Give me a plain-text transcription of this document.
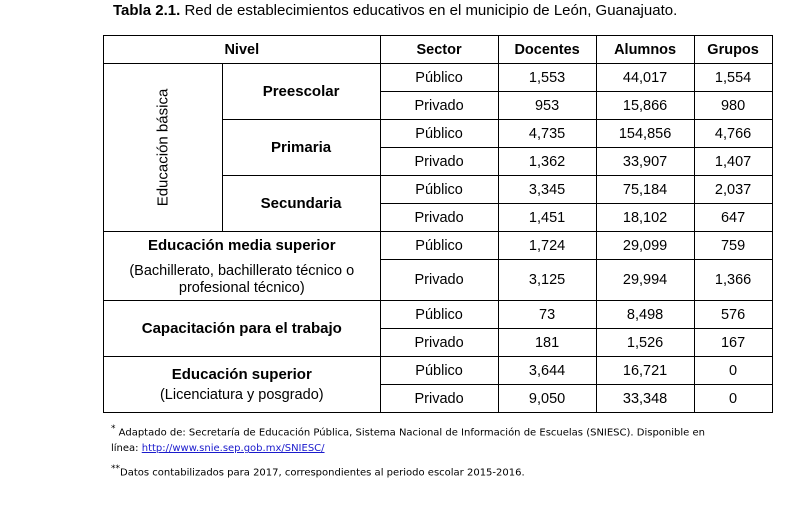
Tabla 2.1. Red de establecimientos educativos en el municipio de León, Guanajuato.
Nivel		Sector	Docentes	Alumnos	Grupos
Educación básica	Preescolar	Público	1,553	44,017	1,554
		Privado	953	15,866	980
	Primaria	Público	4,735	154,856	4,766
		Privado	1,362	33,907	1,407
	Secundaria	Público	3,345	75,184	2,037
		Privado	1,451	18,102	647

Educación media superior		Público	1,724	29,099	759

(Bachillerato, bachillerato técnico o profesional técnico)		Privado	3,125	29,994	1,366
Capacitación para el trabajo		Público	73	8,498	576
		Privado	181	1,526	167

Educación superior
(Licenciatura y posgrado)		Público	3,644	16,721	0
		Privado	9,050	33,348	0
* Adaptado de: Secretaría de Educación Pública, Sistema Nacional de Información de Escuelas (SNIESC). Disponible en línea: http://www.snie.sep.gob.mx/SNIESC/
**Datos contabilizados para 2017, correspondientes al periodo escolar 2015-2016.
